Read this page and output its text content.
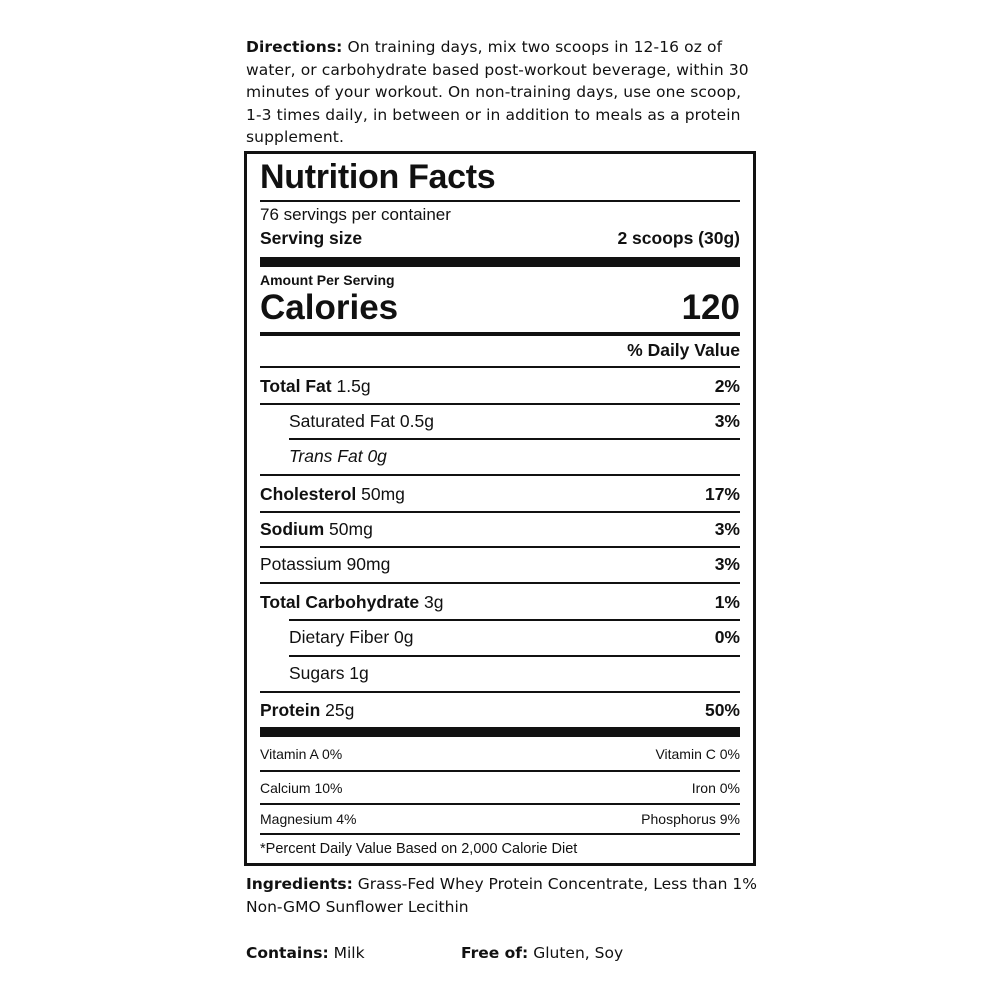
Directions: On training days, mix two scoops in 12-16 oz of water, or carbohydrate based post-workout beverage, within 30 minutes of your workout. On non-training days, use one scoop, 1-3 times daily, in between or in addition to meals as a protein supplement.
Nutrition Facts
76 servings per container
Serving size	2 scoops (30g)
Amount Per Serving
Calories	120
% Daily Value
Total Fat 1.5g	2%
Saturated Fat 0.5g	3%
Trans Fat 0g
Cholesterol 50mg	17%
Sodium 50mg	3%
Potassium 90mg	3%
Total Carbohydrate 3g	1%
Dietary Fiber 0g	0%
Sugars 1g
Protein 25g	50%
Vitamin A 0%	Vitamin C 0%
Calcium 10%	Iron 0%
Magnesium 4%	Phosphorus 9%
*Percent Daily Value Based on 2,000 Calorie Diet
Ingredients: Grass-Fed Whey Protein Concentrate, Less than 1% Non-GMO Sunflower Lecithin
Contains: Milk	Free of: Gluten, Soy
